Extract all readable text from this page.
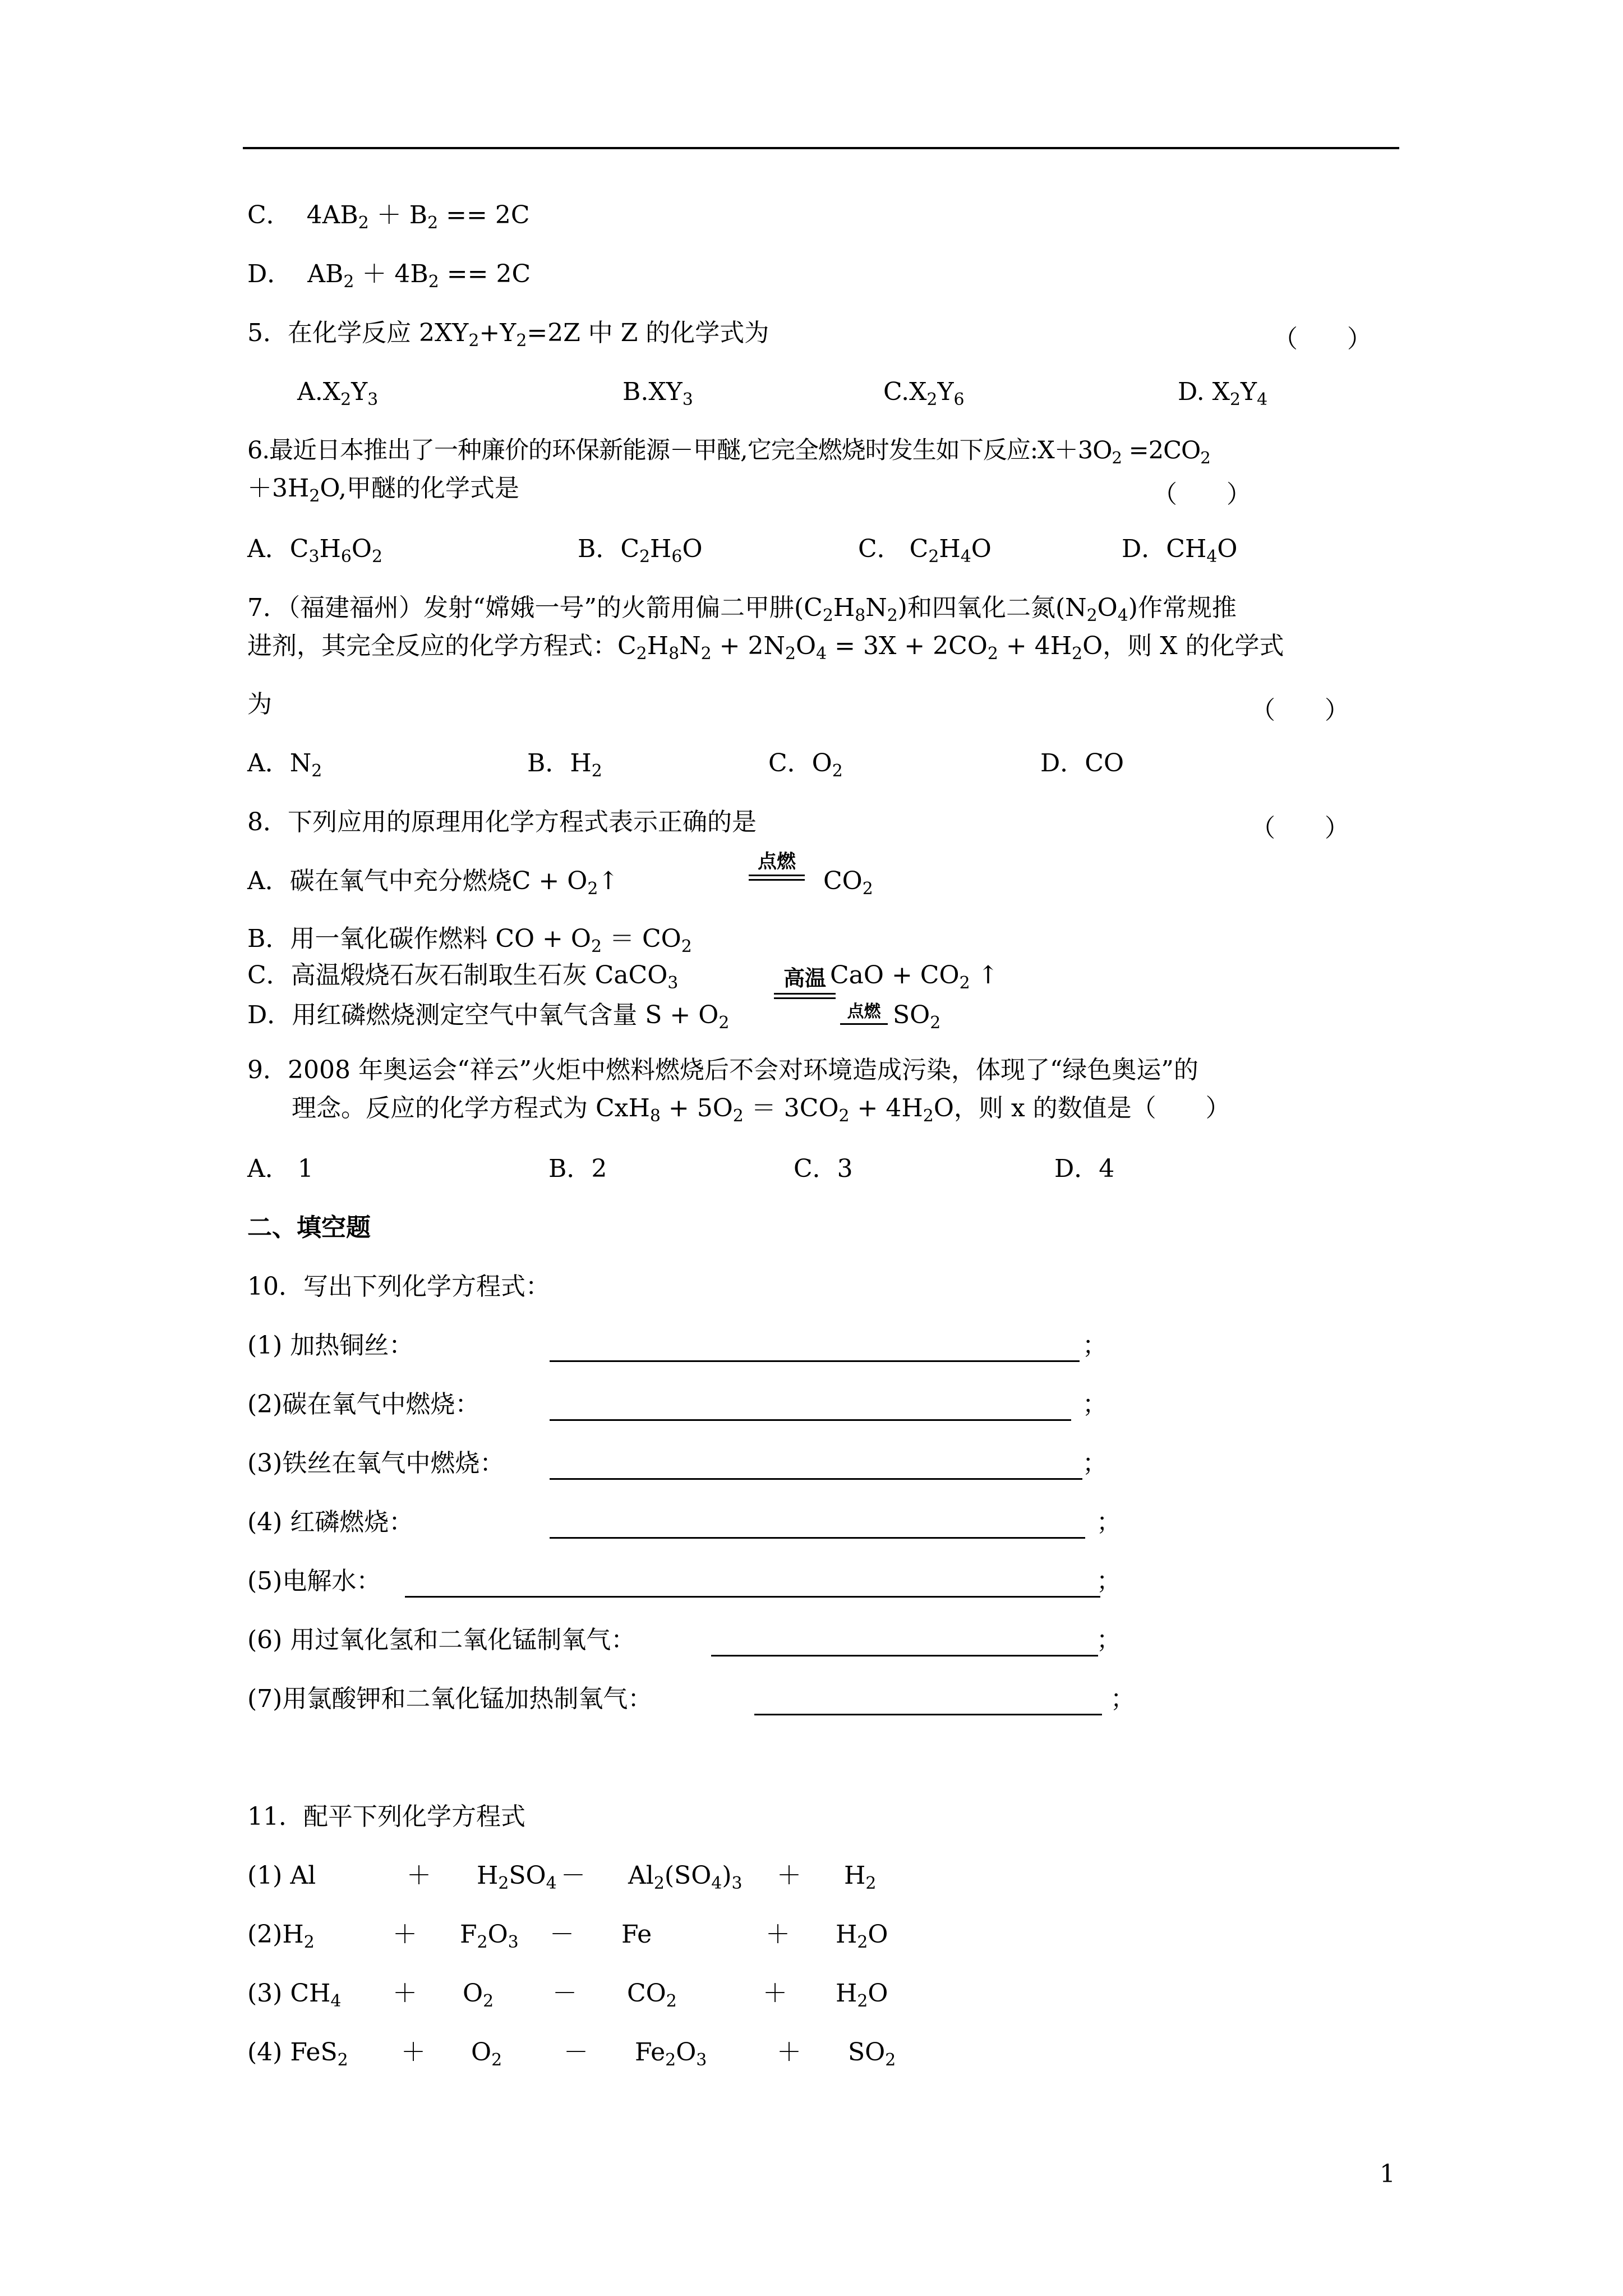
C． $4AB_2 + B_2 == 2C$
D． $AB_2 + 4B_2 == 2C$
5．在化学反应 $2XY_2+Y_2=2Z$ 中 Z 的化学式为	（　　）
$A.X_2Y_3$	$B.XY_3$	$C.X_2Y_6$	D. $X_2Y_4$
6.最近日本推出了一种廉价的环保新能源－甲醚,它完全燃烧时发生如下反应$:X+3O_2 =2CO_2$
$+3H_2O$,甲醚的化学式是	（　　）
A．$C_3H_6O_2$	B．$C_2H_6O$	C． $C_2H_4O$	D．$CH_4O$
7．（福建福州）发射“嫦娥一号”的火箭用偏二甲肼$(C_2H_8N_2)$和四氧化二氮$(N_2O_4)$作常规推
进剂，其完全反应的化学方程式：$C_2H_8N_2 + 2N_2O_4 = 3X + 2CO_2 + 4H_2O$，则 X 的化学式
为	（　　）
A．$N_2$	B．$H_2$	C．$O_2$	D．CO
8．下列应用的原理用化学方程式表示正确的是	（　　）
A．碳在氧气中充分燃烧$C + O_2↑$
点燃
$CO_2$
B．用一氧化碳作燃料 CO + $O_2 = CO_2$
C．高温煅烧石灰石制取生石灰 CaCO$_3$	高温 CaO + $CO_2$ ↑
D．用红磷燃烧测定空气中氧气含量 $S + O_2$
点燃 $SO_2$
9．2008 年奥运会“祥云”火炬中燃料燃烧后不会对环境造成污染，体现了“绿色奥运”的
理念。反应的化学方程式为 $CxH_8 + 5O_2 = 3CO_2 + 4H_2O$，则 x 的数值是（　　）
A． 1	B．2	C．3	D．4
二、填空题
10．写出下列化学方程式：
(1) 加热铜丝：	；
(2)碳在氧气中燃烧：	；
(3)铁丝在氧气中燃烧：	；
(4) 红磷燃烧：	；
(5)电解水：	；
(6) 用过氧化氢和二氧化锰制氧气：	；
(7)用氯酸钾和二氧化锰加热制氧气：	；
11．配平下列化学方程式
(1) Al	＋ $H_2SO_4 - Al_2(SO_4)_3 + H_2$
$(2)H_2$	＋ $F_2O_3 - Fe$	＋ $H_2O$
(3) $CH_4 + O_2 - CO_2$	＋ $H_2O$
(4) $FeS_2 + O_2 - Fe_2O_3$	＋ $SO_2$
1
